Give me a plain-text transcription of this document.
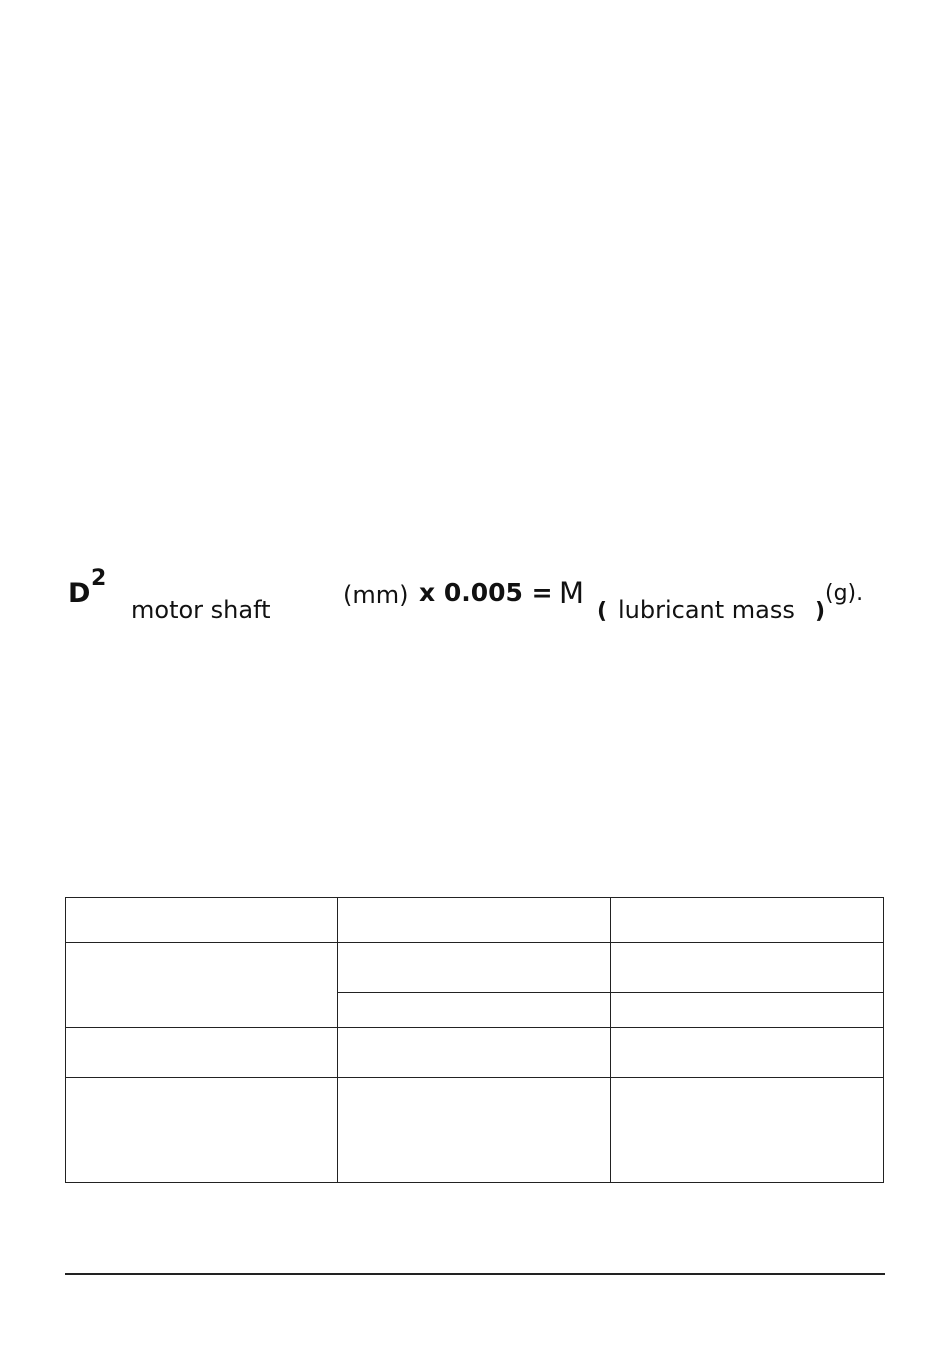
D 2
motor shaft
(mm) x 0.005 = M
( lubricant mass )
(g).
